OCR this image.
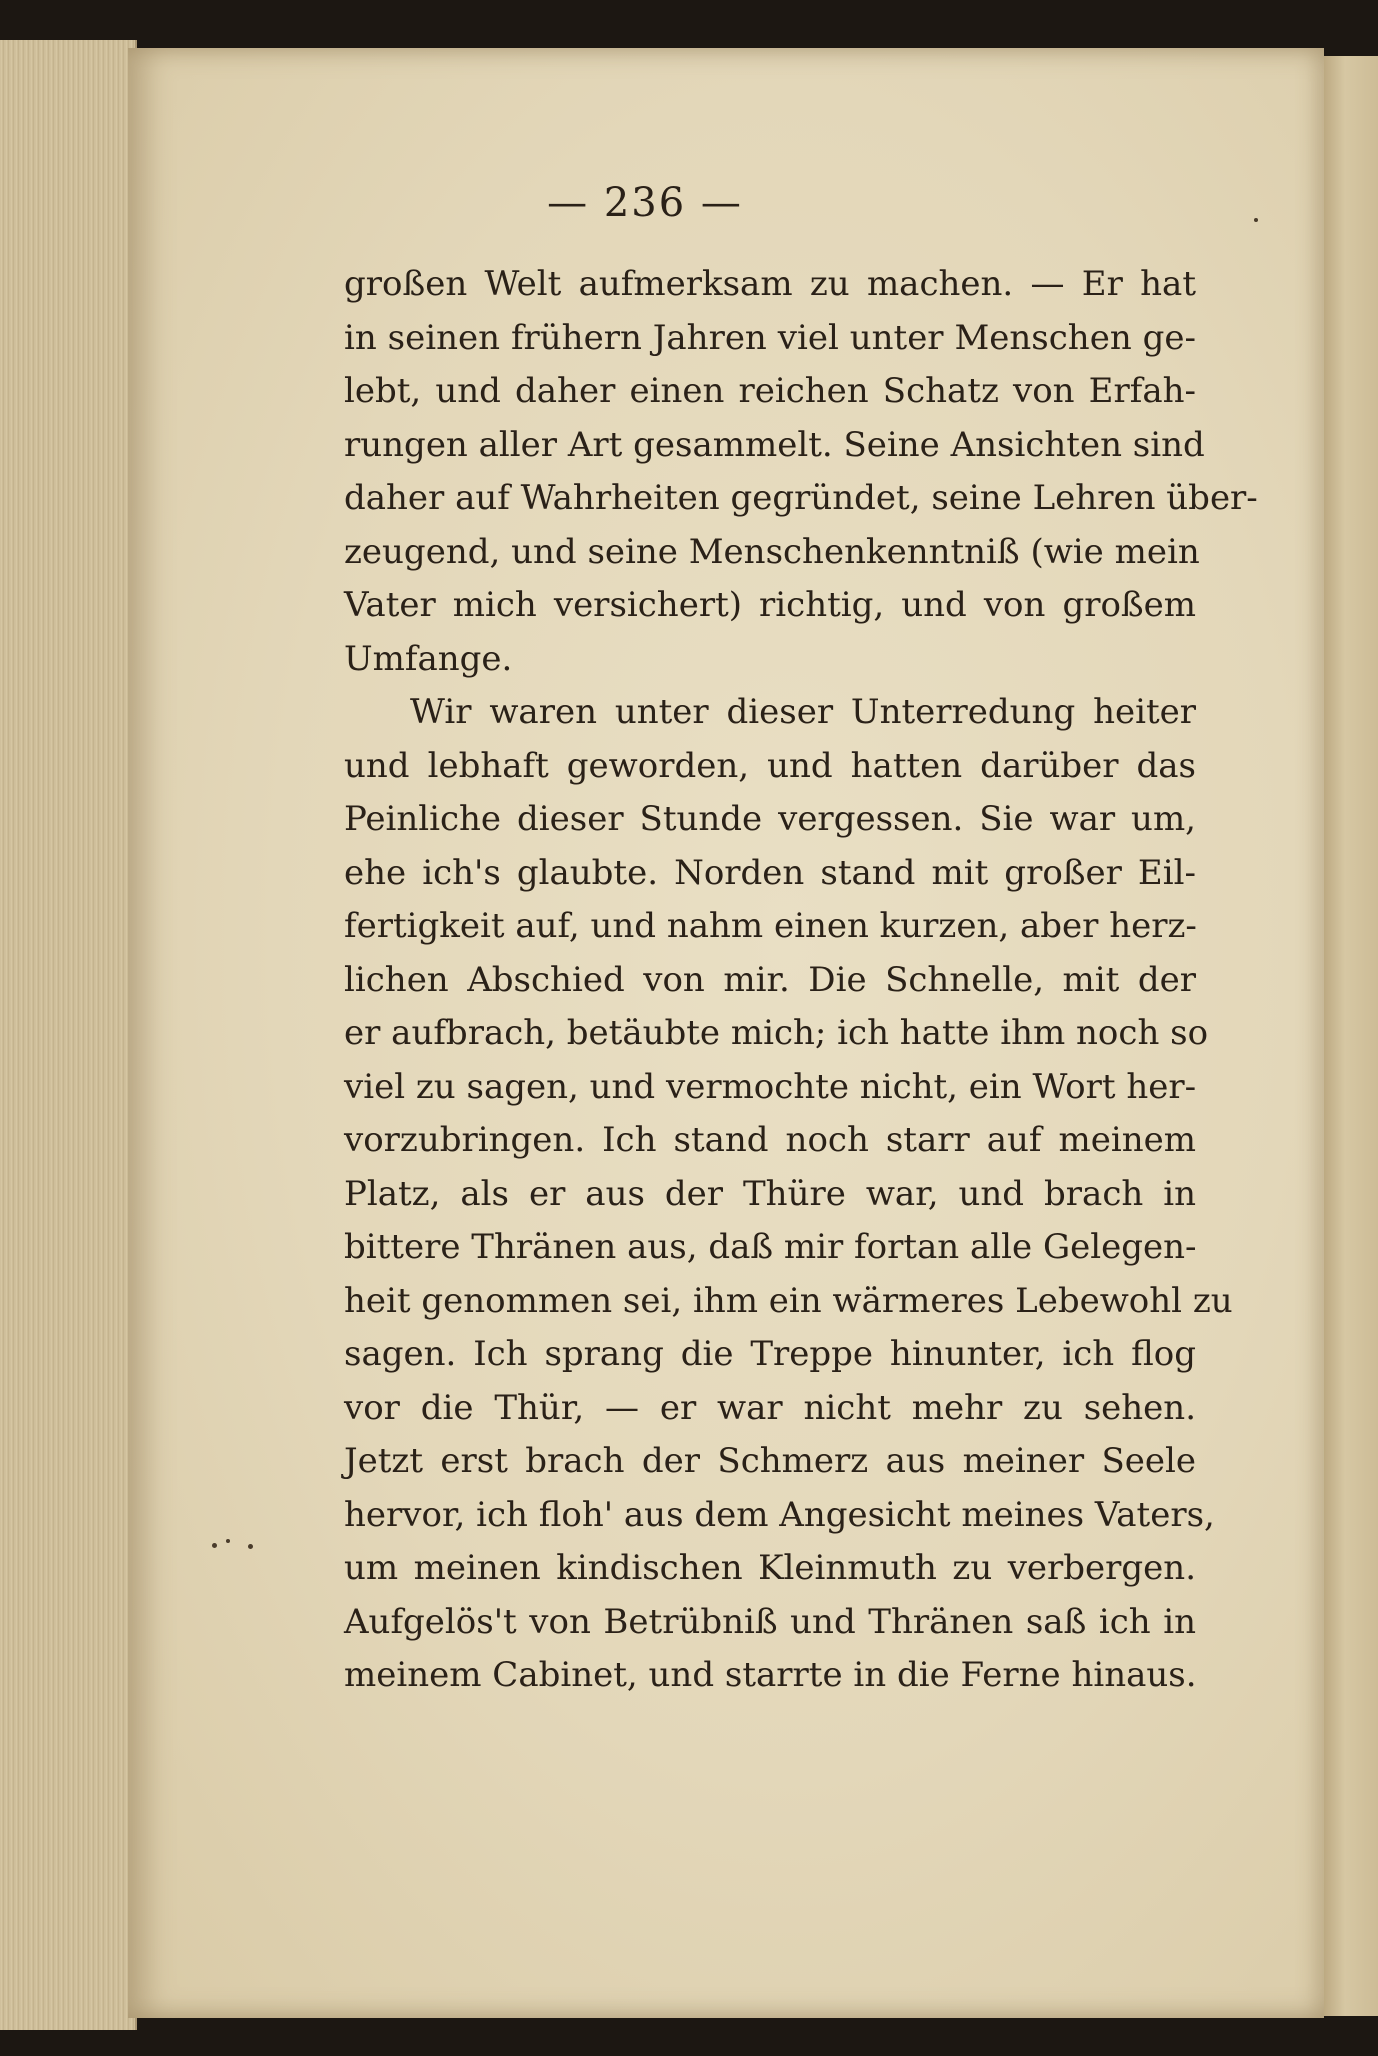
— 236 —
großen Welt aufmerksam zu machen. — Er hat
in seinen frühern Jahren viel unter Menschen ge-
lebt, und daher einen reichen Schatz von Erfah-
rungen aller Art gesammelt. Seine Ansichten sind
daher auf Wahrheiten gegründet, seine Lehren über-
zeugend, und seine Menschenkenntniß (wie mein
Vater mich versichert) richtig, und von großem
Umfange.
Wir waren unter dieser Unterredung heiter
und lebhaft geworden, und hatten darüber das
Peinliche dieser Stunde vergessen. Sie war um,
ehe ich's glaubte. Norden stand mit großer Eil-
fertigkeit auf, und nahm einen kurzen, aber herz-
lichen Abschied von mir. Die Schnelle, mit der
er aufbrach, betäubte mich; ich hatte ihm noch so
viel zu sagen, und vermochte nicht, ein Wort her-
vorzubringen. Ich stand noch starr auf meinem
Platz, als er aus der Thüre war, und brach in
bittere Thränen aus, daß mir fortan alle Gelegen-
heit genommen sei, ihm ein wärmeres Lebewohl zu
sagen. Ich sprang die Treppe hinunter, ich flog
vor die Thür, — er war nicht mehr zu sehen.
Jetzt erst brach der Schmerz aus meiner Seele
hervor, ich floh' aus dem Angesicht meines Vaters,
um meinen kindischen Kleinmuth zu verbergen.
Aufgelös't von Betrübniß und Thränen saß ich in
meinem Cabinet, und starrte in die Ferne hinaus.
